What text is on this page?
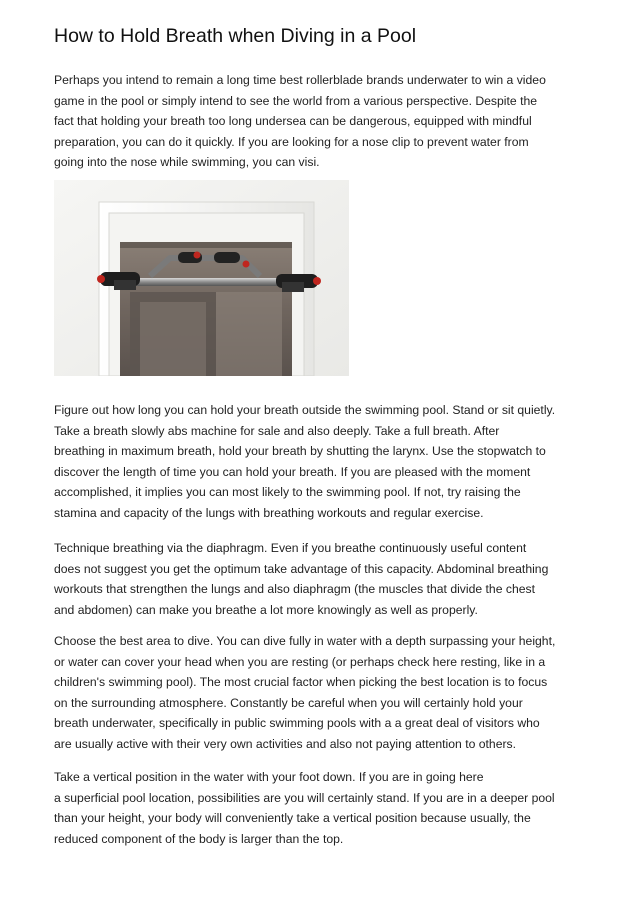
How to Hold Breath when Diving in a Pool
Perhaps you intend to remain a long time best rollerblade brands underwater to win a video
game in the pool or simply intend to see the world from a various perspective. Despite the
fact that holding your breath too long undersea can be dangerous, equipped with mindful
preparation, you can do it quickly. If you are looking for a nose clip to prevent water from
going into the nose while swimming, you can visi.
Figure out how long you can hold your breath outside the swimming pool. Stand or sit quietly.
Take a breath slowly abs machine for sale and also deeply. Take a full breath. After
breathing in maximum breath, hold your breath by shutting the larynx. Use the stopwatch to
discover the length of time you can hold your breath. If you are pleased with the moment
accomplished, it implies you can most likely to the swimming pool. If not, try raising the
stamina and capacity of the lungs with breathing workouts and regular exercise.
Technique breathing via the diaphragm. Even if you breathe continuously useful content
does not suggest you get the optimum take advantage of this capacity. Abdominal breathing
workouts that strengthen the lungs and also diaphragm (the muscles that divide the chest
and abdomen) can make you breathe a lot more knowingly as well as properly.
Choose the best area to dive. You can dive fully in water with a depth surpassing your height,
or water can cover your head when you are resting (or perhaps check here resting, like in a
children's swimming pool). The most crucial factor when picking the best location is to focus
on the surrounding atmosphere. Constantly be careful when you will certainly hold your
breath underwater, specifically in public swimming pools with a a great deal of visitors who
are usually active with their very own activities and also not paying attention to others.
Take a vertical position in the water with your foot down. If you are in going here
a superficial pool location, possibilities are you will certainly stand. If you are in a deeper pool
than your height, your body will conveniently take a vertical position because usually, the
reduced component of the body is larger than the top.
